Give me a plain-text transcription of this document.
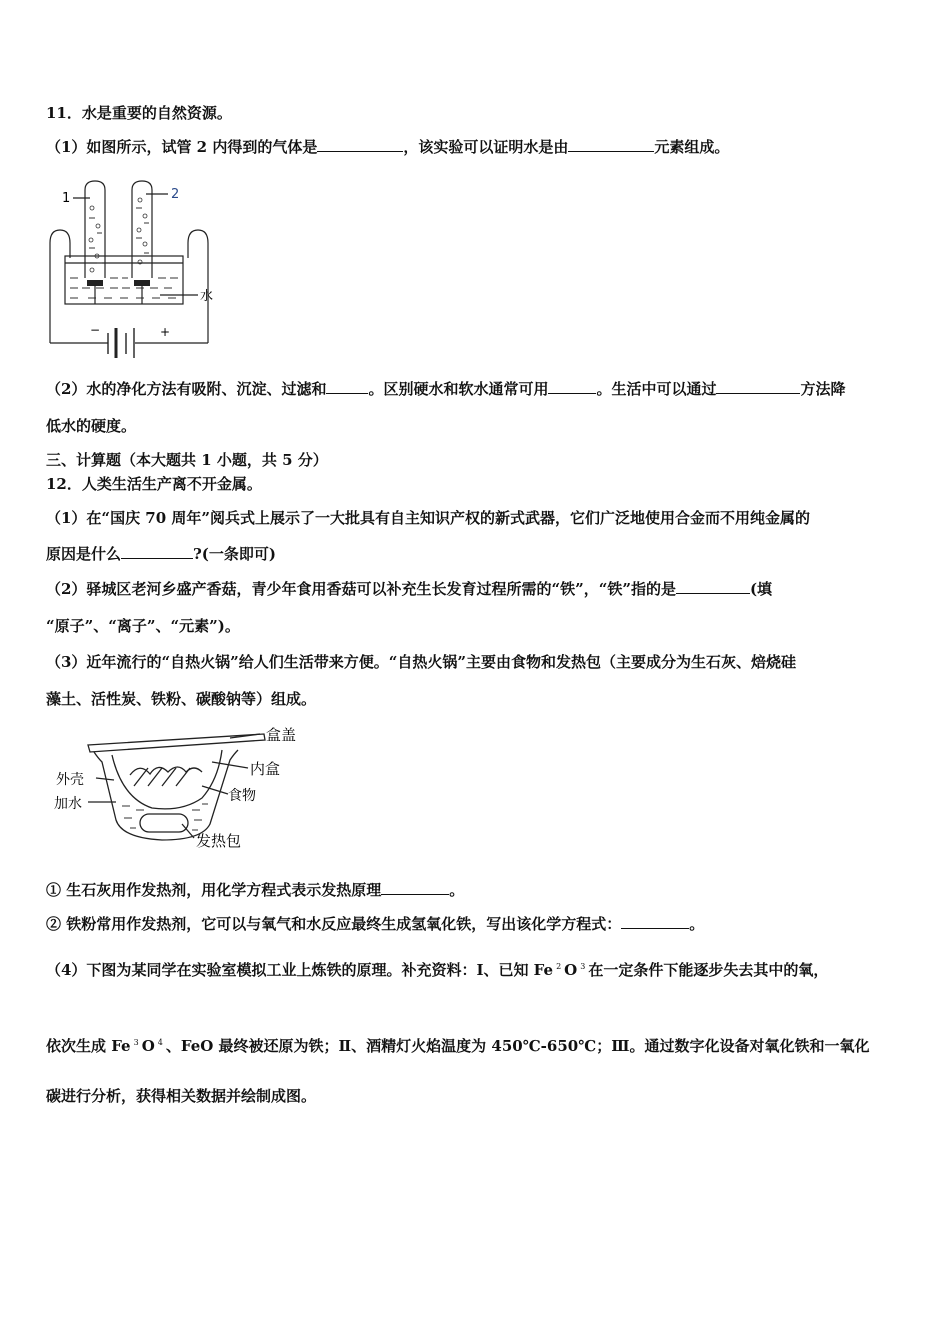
11．水是重要的自然资源。
（1）如图所示，试管 2 内得到的气体是	，该实验可以证明水是由	元素组成。
1	2
水
−	+
（2）水的净化方法有吸附、沉淀、过滤和	。区别硬水和软水通常可用	。生活中可以通过	方法降
低水的硬度。
三、计算题（本大题共 1 小题，共 5 分）
12．人类生活生产离不开金属。
（1）在“国庆 70 周年”阅兵式上展示了一大批具有自主知识产权的新式武器，它们广泛地使用合金而不用纯金属的
原因是什么	?(一条即可)
（2）驿城区老河乡盛产香菇，青少年食用香菇可以补充生长发育过程所需的“铁”，“铁”指的是	(填
“原子”、“离子”、“元素”)。
（3）近年流行的“自热火锅”给人们生活带来方便。“自热火锅”主要由食物和发热包（主要成分为生石灰、焙烧硅
藻土、活性炭、铁粉、碳酸钠等）组成。
盒盖
内盒
外壳
食物
加水
发热包
① 生石灰用作发热剂，用化学方程式表示发热原理	。
② 铁粉常用作发热剂，它可以与氧气和水反应最终生成氢氧化铁，写出该化学方程式：	。
（4）下图为某同学在实验室模拟工业上炼铁的原理。补充资料：I、已知 Fe $^2$ O $^3$ 在一定条件下能逐步失去其中的氧，
依次生成 Fe $^3$ O $^4$ 、FeO 最终被还原为铁；Ⅱ、酒精灯火焰温度为 450℃-650℃；Ⅲ。通过数字化设备对氧化铁和一氧化
碳进行分析，获得相关数据并绘制成图。
